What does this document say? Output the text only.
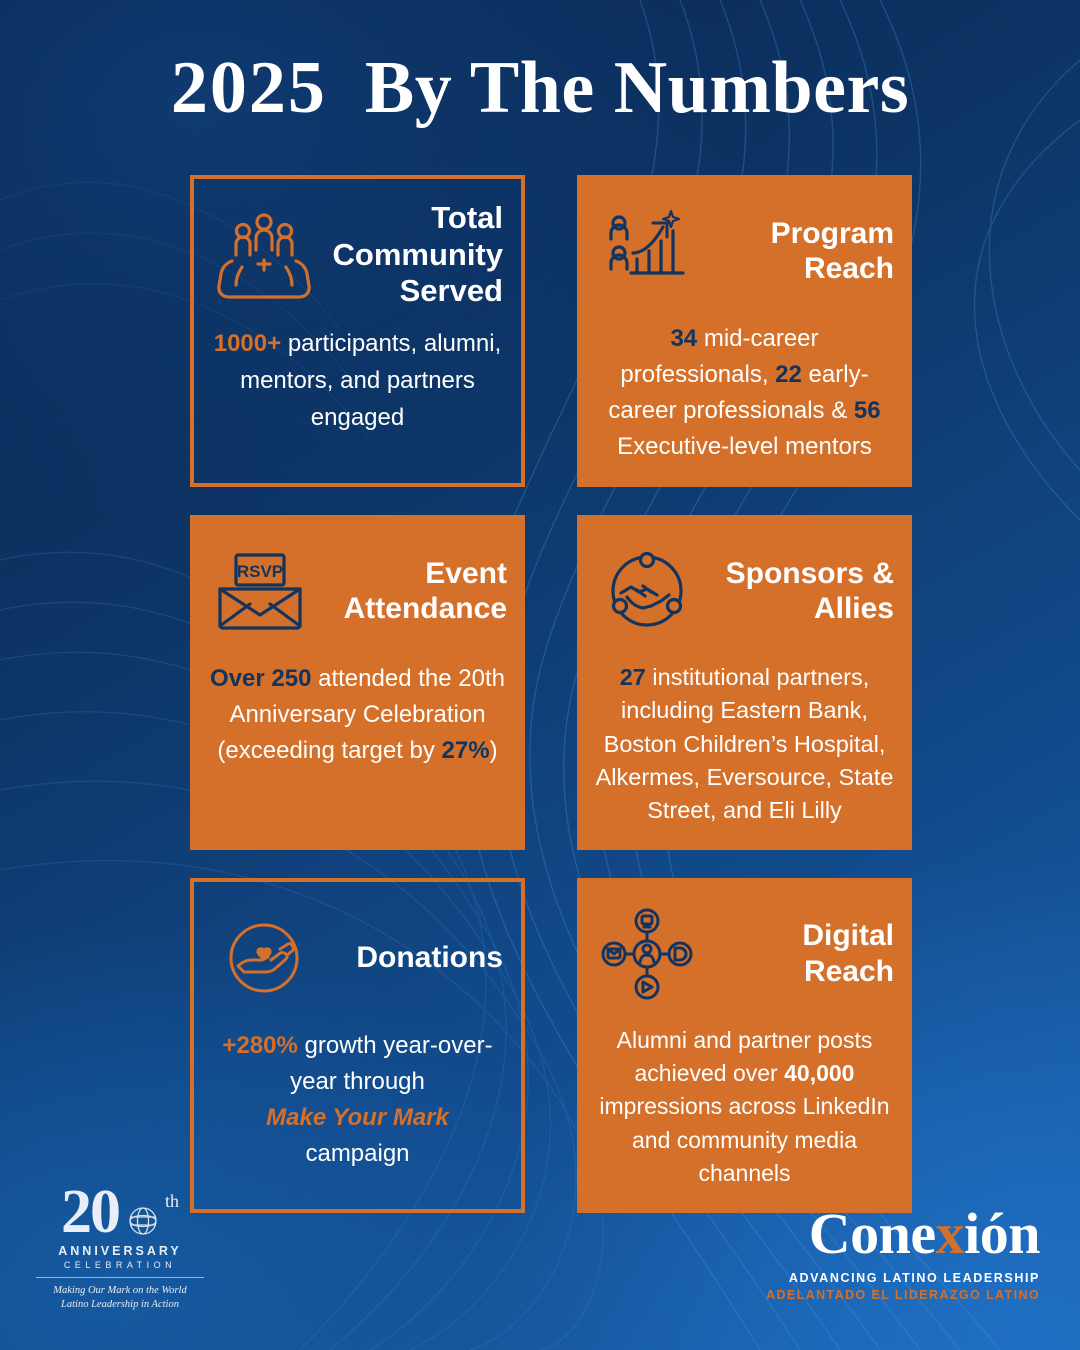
2025 By The Numbers
Total Community Served
1000+ participants, alumni, mentors, and partners engaged
Program Reach
34 mid-career professionals, 22 early-career professionals & 56 Executive-level mentors
RSVP	Event Attendance
Over 250 attended the 20th Anniversary Celebration (exceeding target by 27%)
Sponsors & Allies
27 institutional partners, including Eastern Bank, Boston Children’s Hospital, Alkermes, Eversource, State Street, and Eli Lilly
Donations
+280% growth year-over-year through
Make Your Mark
campaign
Digital Reach
Alumni and partner posts achieved over 40,000 impressions across LinkedIn and community media channels
20	th
ANNIVERSARY
CELEBRATION
Making Our Mark on the World
Latino Leadership in Action
Conexión
ADVANCING LATINO LEADERSHIP
ADELANTADO EL LIDERAZGO LATINO
